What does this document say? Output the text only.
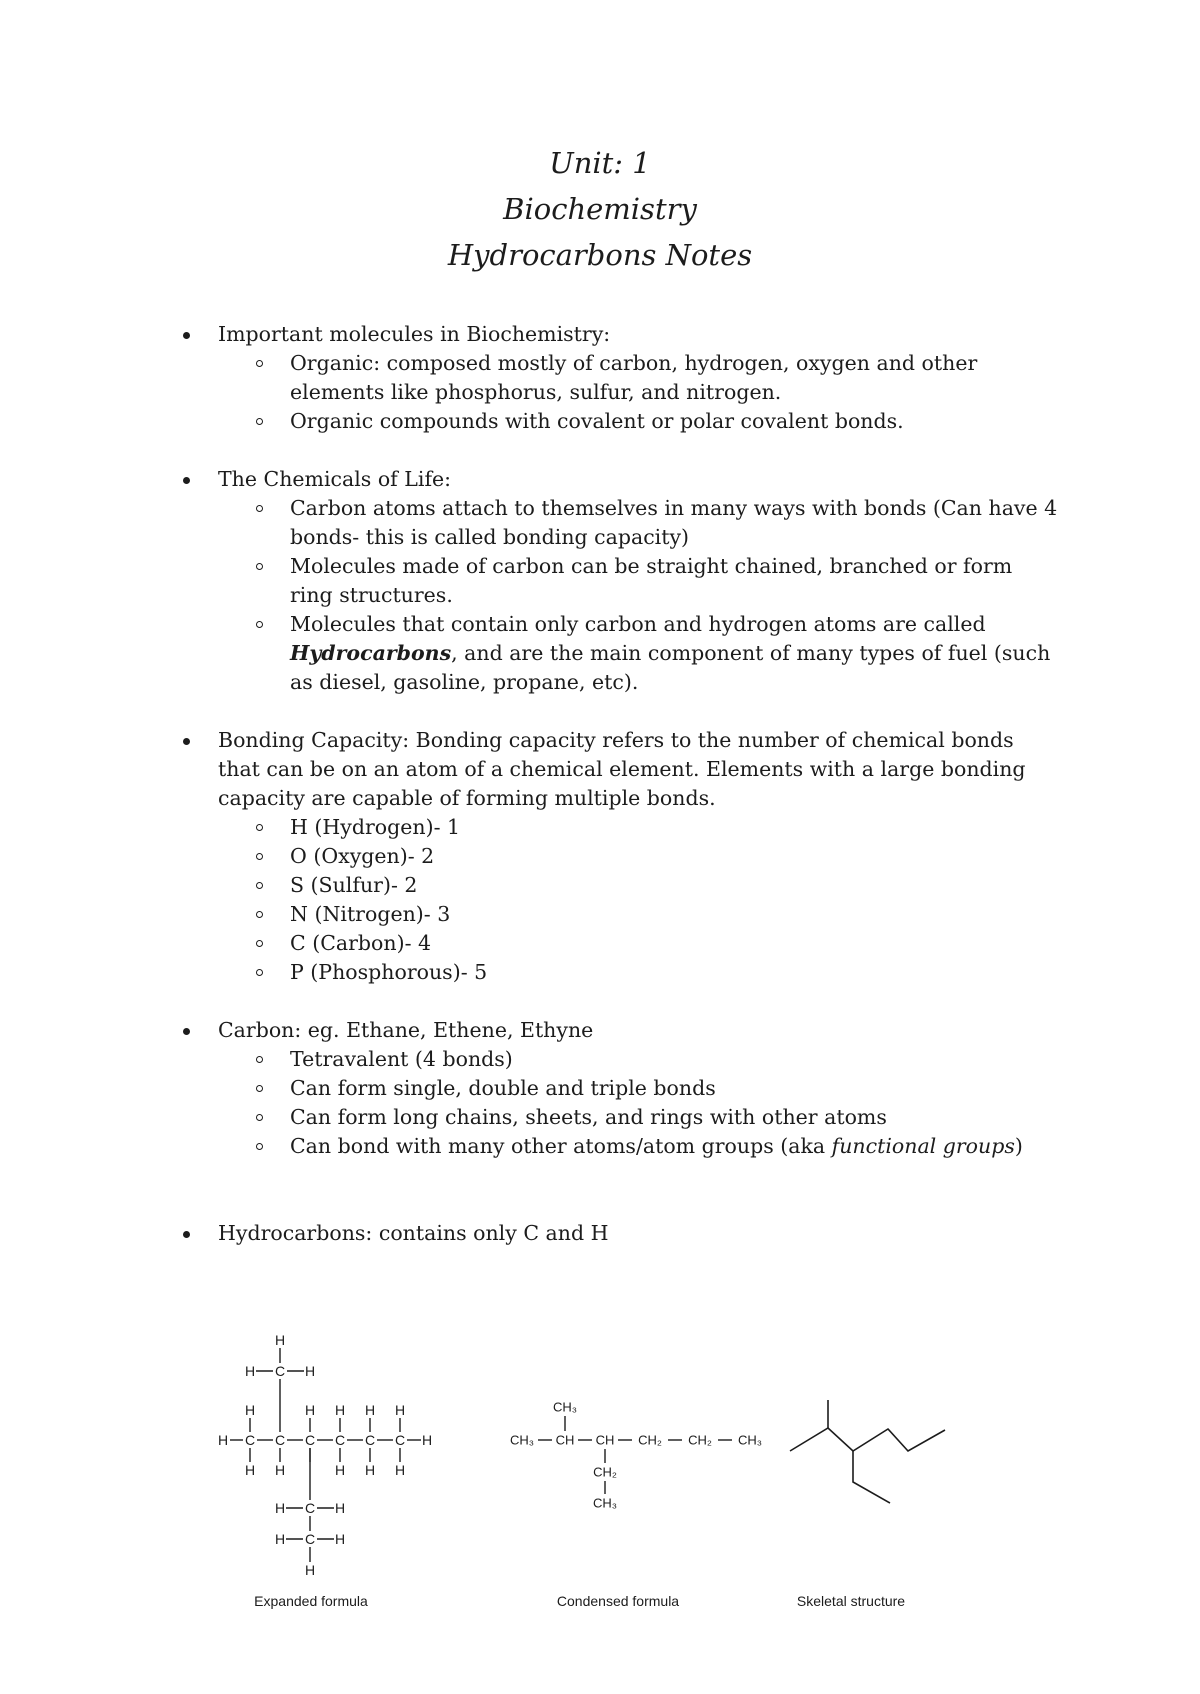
Unit: 1
Biochemistry
Hydrocarbons Notes
Important molecules in Biochemistry:
Organic: composed mostly of carbon, hydrogen, oxygen and other elements like phosphorus, sulfur, and nitrogen.
Organic compounds with covalent or polar covalent bonds.
The Chemicals of Life:
Carbon atoms attach to themselves in many ways with bonds (Can have 4 bonds- this is called bonding capacity)
Molecules made of carbon can be straight chained, branched or form ring structures.
Molecules that contain only carbon and hydrogen atoms are called Hydrocarbons, and are the main component of many types of fuel (such as diesel, gasoline, propane, etc).
Bonding Capacity: Bonding capacity refers to the number of chemical bonds that can be on an atom of a chemical element. Elements with a large bonding capacity are capable of forming multiple bonds.
H (Hydrogen)- 1
O (Oxygen)- 2
S (Sulfur)- 2
N (Nitrogen)- 3
C (Carbon)- 4
P (Phosphorous)- 5
Carbon: eg. Ethane, Ethene, Ethyne
Tetravalent (4 bonds)
Can form single, double and triple bonds
Can form long chains, sheets, and rings with other atoms
Can bond with many other atoms/atom groups (aka functional groups)
Hydrocarbons: contains only C and H
H C C C C C C H
H	H H H H
H H	H H H
H
H C H
H C H
H C H
H
CH₃ CH CH CH₂ CH₂ CH₃
CH₃
CH₂
CH₃
Expanded formula	Condensed formula	Skeletal structure
